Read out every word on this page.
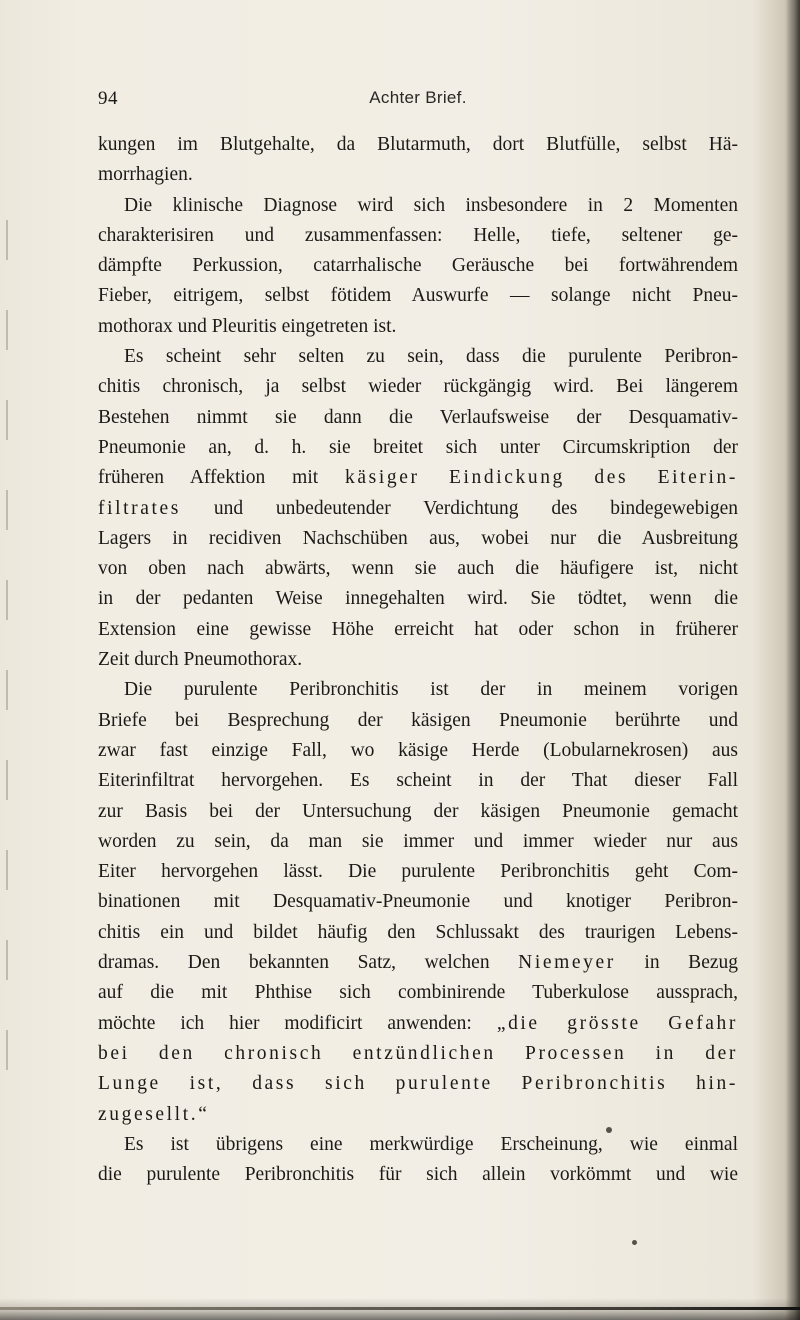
94	Achter Brief.
kungen im Blutgehalte, da Blutarmuth, dort Blutfülle, selbst Hä-
morrhagien.
Die klinische Diagnose wird sich insbesondere in 2 Momenten
charakterisiren und zusammenfassen: Helle, tiefe, seltener ge-
dämpfte Perkussion, catarrhalische Geräusche bei fortwährendem
Fieber, eitrigem, selbst fötidem Auswurfe — solange nicht Pneu-
mothorax und Pleuritis eingetreten ist.
Es scheint sehr selten zu sein, dass die purulente Peribron-
chitis chronisch, ja selbst wieder rückgängig wird. Bei längerem
Bestehen nimmt sie dann die Verlaufsweise der Desquamativ-
Pneumonie an, d. h. sie breitet sich unter Circumskription der
früheren Affektion mit käsiger Eindickung des Eiterin-
filtrates und unbedeutender Verdichtung des bindegewebigen
Lagers in recidiven Nachschüben aus, wobei nur die Ausbreitung
von oben nach abwärts, wenn sie auch die häufigere ist, nicht
in der pedanten Weise innegehalten wird. Sie tödtet, wenn die
Extension eine gewisse Höhe erreicht hat oder schon in früherer
Zeit durch Pneumothorax.
Die purulente Peribronchitis ist der in meinem vorigen
Briefe bei Besprechung der käsigen Pneumonie berührte und
zwar fast einzige Fall, wo käsige Herde (Lobularnekrosen) aus
Eiterinfiltrat hervorgehen. Es scheint in der That dieser Fall
zur Basis bei der Untersuchung der käsigen Pneumonie gemacht
worden zu sein, da man sie immer und immer wieder nur aus
Eiter hervorgehen lässt. Die purulente Peribronchitis geht Com-
binationen mit Desquamativ-Pneumonie und knotiger Peribron-
chitis ein und bildet häufig den Schlussakt des traurigen Lebens-
dramas. Den bekannten Satz, welchen Niemeyer in Bezug
auf die mit Phthise sich combinirende Tuberkulose aussprach,
möchte ich hier modificirt anwenden: „die grösste Gefahr
bei den chronisch entzündlichen Processen in der
Lunge ist, dass sich purulente Peribronchitis hin-
zugesellt.“
Es ist übrigens eine merkwürdige Erscheinung, wie einmal
die purulente Peribronchitis für sich allein vorkömmt und wie
